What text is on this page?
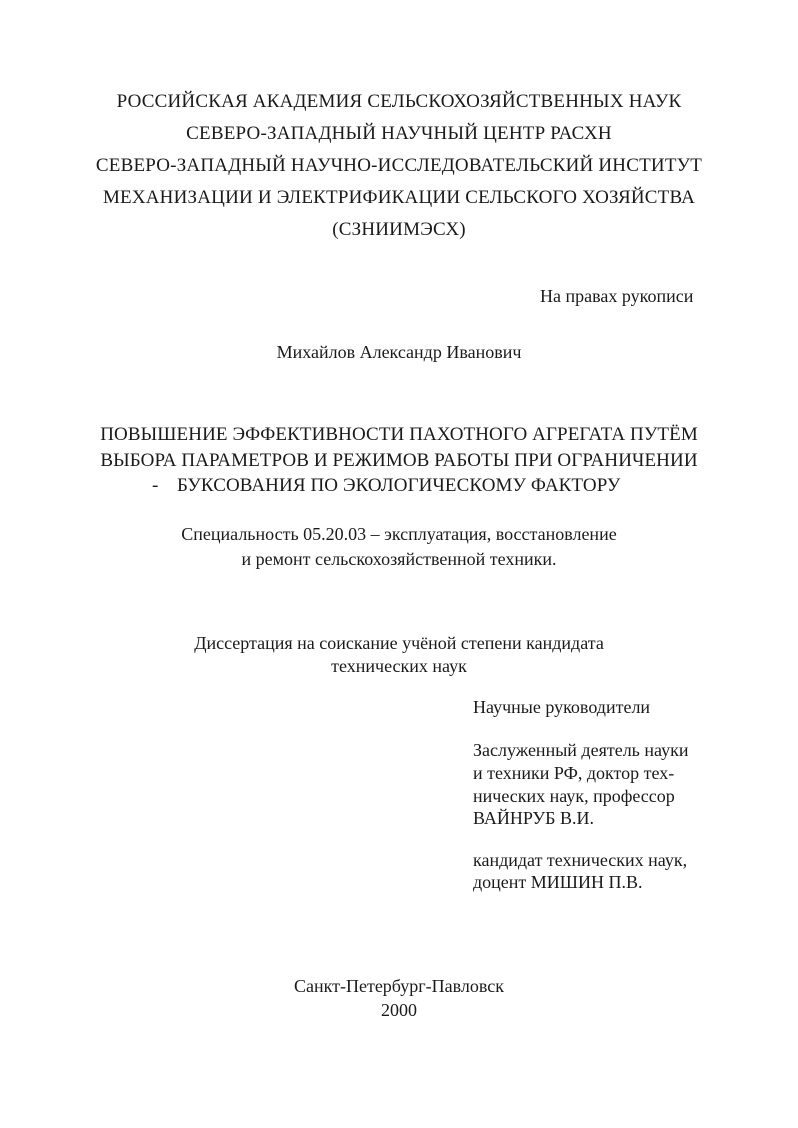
РОССИЙСКАЯ АКАДЕМИЯ СЕЛЬСКОХОЗЯЙСТВЕННЫХ НАУК
СЕВЕРО-ЗАПАДНЫЙ НАУЧНЫЙ ЦЕНТР РАСХН
СЕВЕРО-ЗАПАДНЫЙ НАУЧНО-ИССЛЕДОВАТЕЛЬСКИЙ ИНСТИТУТ
МЕХАНИЗАЦИИ И ЭЛЕКТРИФИКАЦИИ СЕЛЬСКОГО ХОЗЯЙСТВА
(СЗНИИМЭСХ)
На правах рукописи
Михайлов Александр Иванович
ПОВЫШЕНИЕ ЭФФЕКТИВНОСТИ ПАХОТНОГО АГРЕГАТА ПУТЁМ
ВЫБОРА ПАРАМЕТРОВ И РЕЖИМОВ РАБОТЫ ПРИ ОГРАНИЧЕНИИ
- БУКСОВАНИЯ ПО ЭКОЛОГИЧЕСКОМУ ФАКТОРУ
Специальность 05.20.03 – эксплуатация, восстановление
и ремонт сельскохозяйственной техники.
Диссертация на соискание учёной степени кандидата
технических наук
Научные руководители
Заслуженный деятель науки
и техники РФ, доктор тех-
нических наук, профессор
ВАЙНРУБ В.И.
кандидат технических наук,
доцент МИШИН П.В.
Санкт-Петербург-Павловск
2000
